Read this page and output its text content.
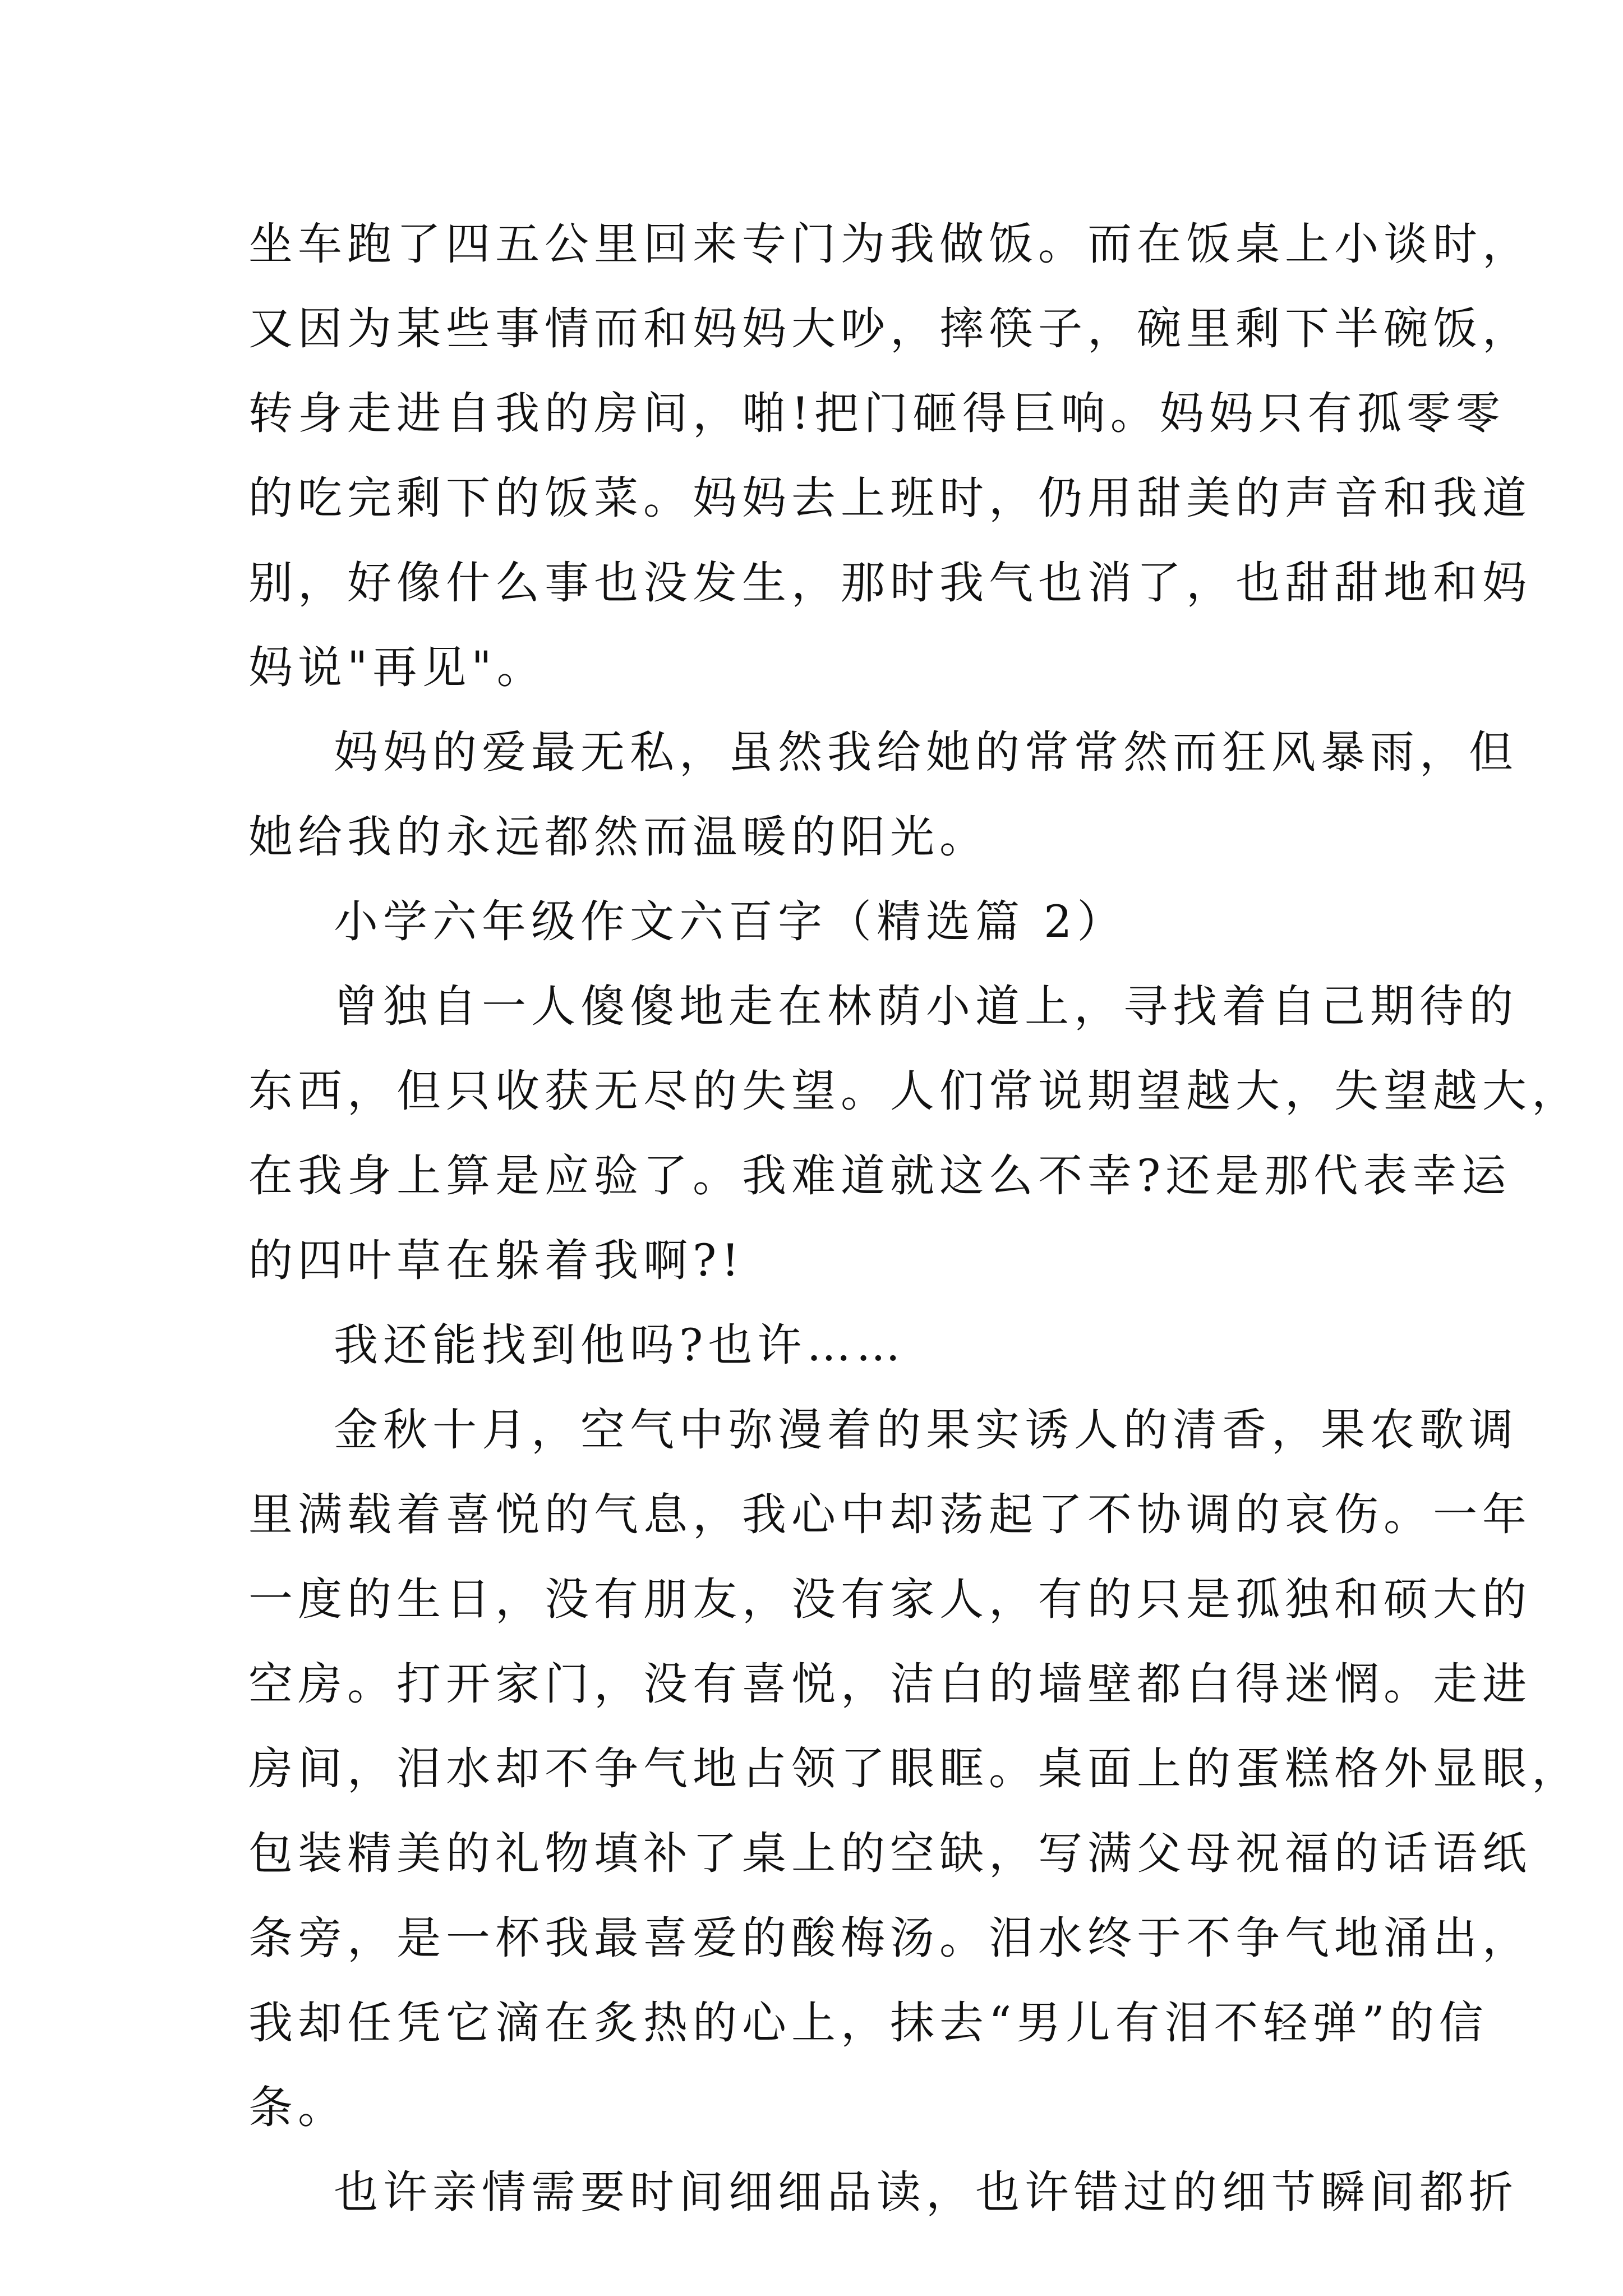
坐车跑了四五公里回来专门为我做饭。而在饭桌上小谈时，
又因为某些事情而和妈妈大吵，摔筷子，碗里剩下半碗饭，
转身走进自我的房间，啪!把门砸得巨响。妈妈只有孤零零
的吃完剩下的饭菜。妈妈去上班时，仍用甜美的声音和我道
别，好像什么事也没发生，那时我气也消了，也甜甜地和妈
妈说"再见"。
妈妈的爱最无私，虽然我给她的常常然而狂风暴雨，但
她给我的永远都然而温暖的阳光。
小学六年级作文六百字（精选篇 2）
曾独自一人傻傻地走在林荫小道上，寻找着自己期待的
东西，但只收获无尽的失望。人们常说期望越大，失望越大，
在我身上算是应验了。我难道就这么不幸?还是那代表幸运
的四叶草在躲着我啊?!
我还能找到他吗?也许……
金秋十月，空气中弥漫着的果实诱人的清香，果农歌调
里满载着喜悦的气息，我心中却荡起了不协调的哀伤。一年
一度的生日，没有朋友，没有家人，有的只是孤独和硕大的
空房。打开家门，没有喜悦，洁白的墙壁都白得迷惘。走进
房间，泪水却不争气地占领了眼眶。桌面上的蛋糕格外显眼，
包装精美的礼物填补了桌上的空缺，写满父母祝福的话语纸
条旁，是一杯我最喜爱的酸梅汤。泪水终于不争气地涌出，
我却任凭它滴在炙热的心上，抹去“男儿有泪不轻弹”的信
条。
也许亲情需要时间细细品读，也许错过的细节瞬间都折
